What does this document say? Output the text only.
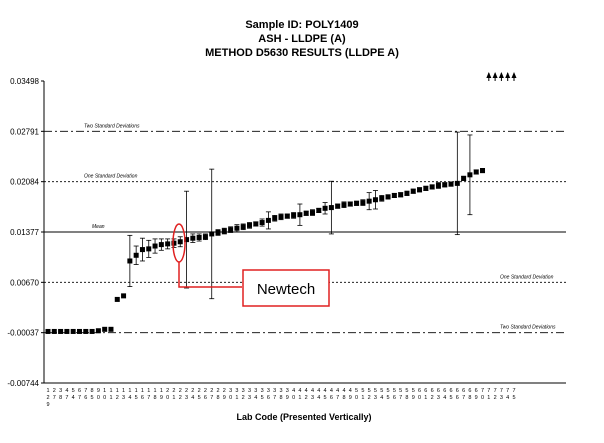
Sample ID: POLY1409
ASH - LLDPE (A)
METHOD D5630 RESULTS (LLDPE A)
Two Standard Deviations
One Standard Deviation
Mean
One Standard Deviation
Two Standard Deviations
0.03498
0.02791
0.02084
0.01377
0.00670
-0.00037
-0.00744
1
2
9
2
7
3
8
4
7
5
4
6
7
7
6
8
5
9
0
1
0
1
1
1
2
1
3
1
4
1
5
1
6
1
7
1
8
1
9
2
0
2
1
2
2
2
3
2
4
2
5
2
6
2
7
2
8
2
9
3
0
3
1
3
2
3
3
3
4
3
5
3
6
3
7
3
8
3
9
4
0
4
1
4
2
4
3
4
4
4
5
4
6
4
7
4
8
4
9
5
0
5
1
5
2
5
3
5
4
5
5
5
6
5
7
5
8
5
9
6
0
6
1
6
2
6
3
6
4
6
5
6
6
6
7
6
8
6
9
7
0
7
1
7
2
7
3
7
4
7
5
Lab Code (Presented Vertically)
Newtech
